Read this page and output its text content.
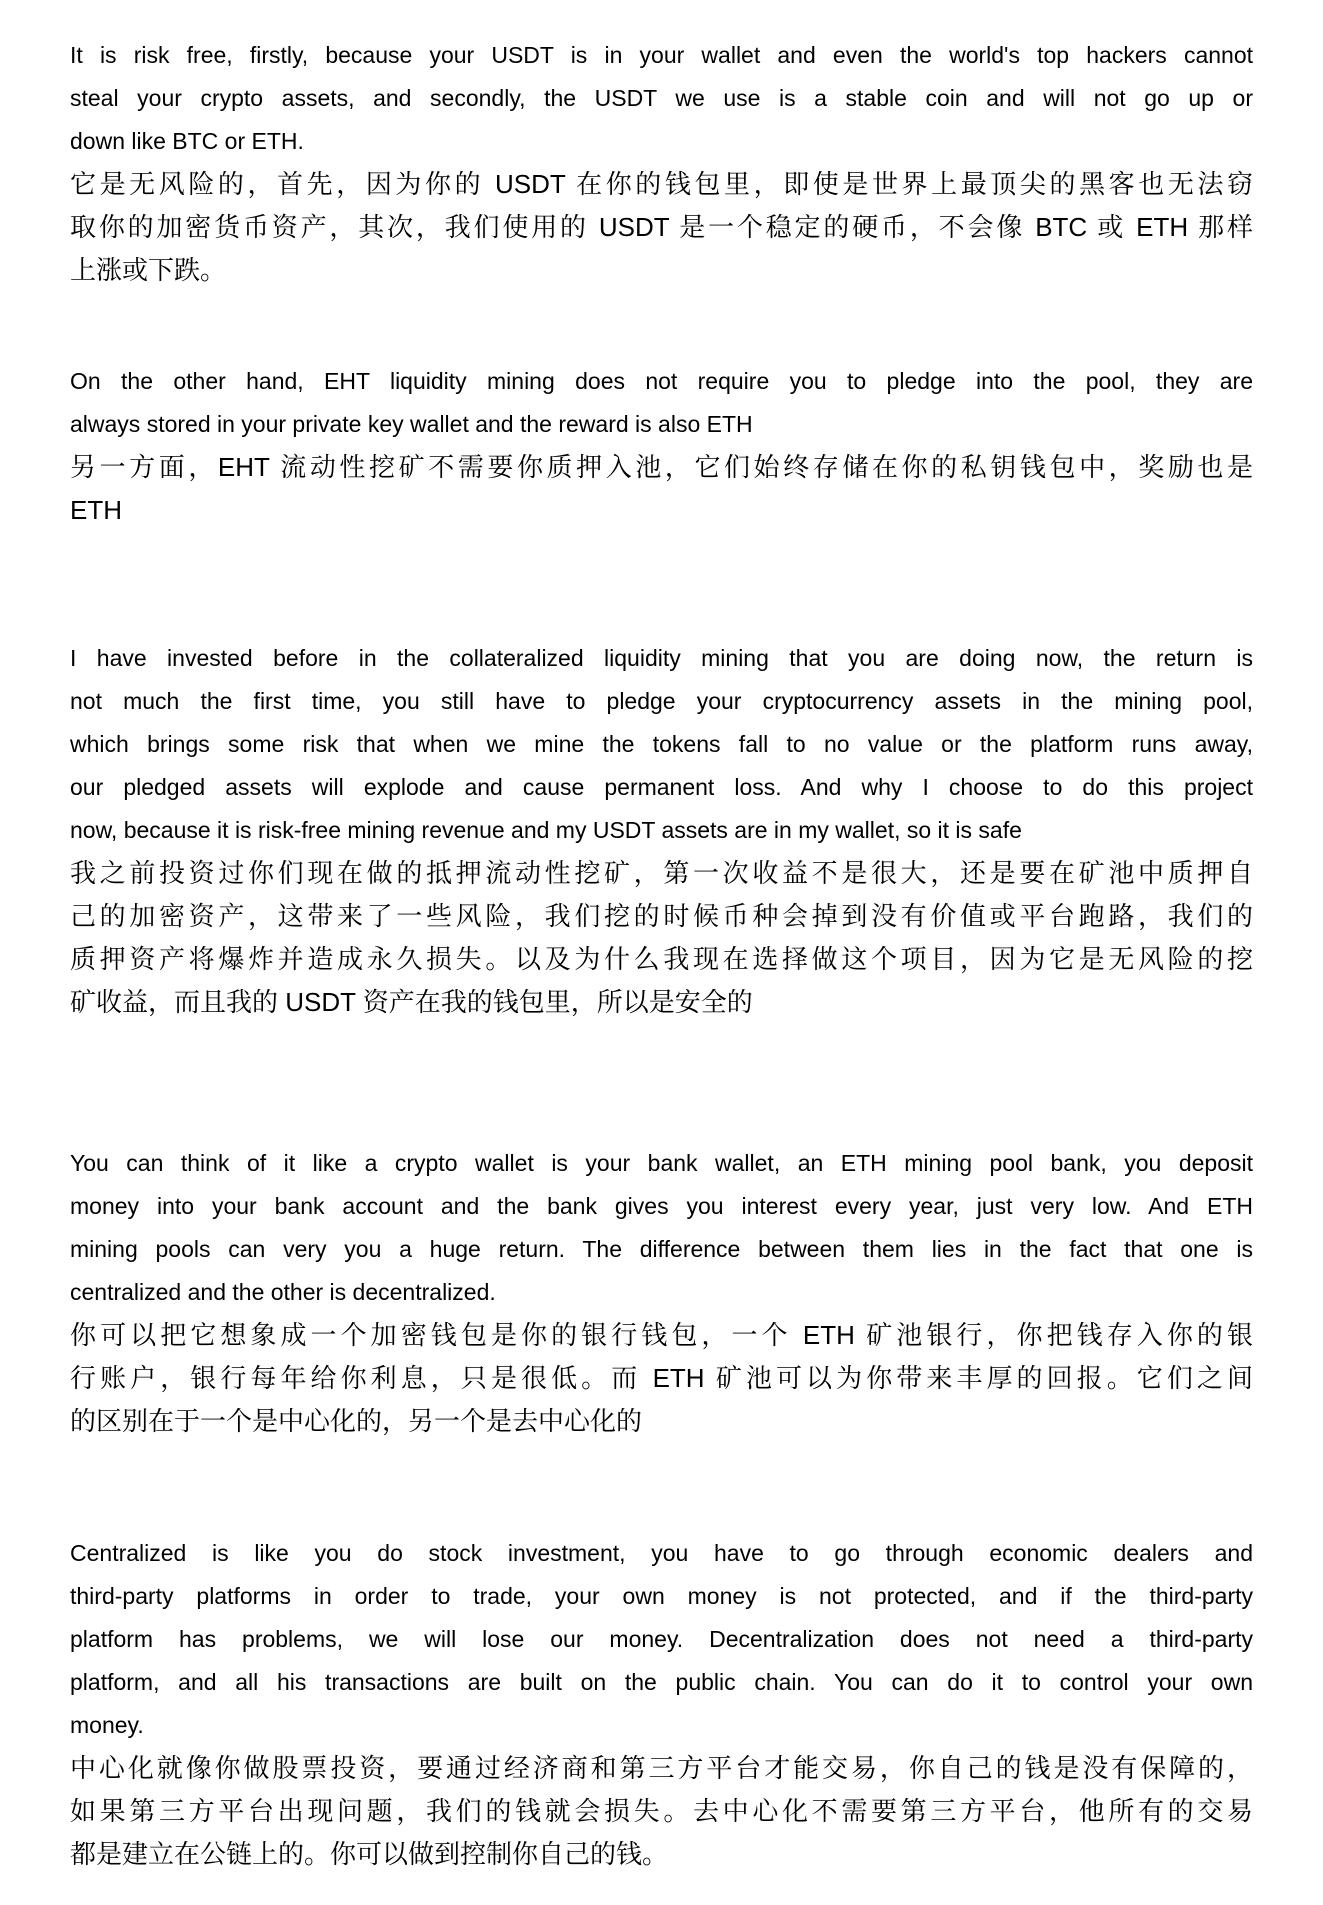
It is risk free, firstly, because your USDT is in your wallet and even the world's top hackers cannot
steal your crypto assets, and secondly, the USDT we use is a stable coin and will not go up or
down like BTC or ETH.
它是无风险的，首先，因为你的 USDT 在你的钱包里，即使是世界上最顶尖的黑客也无法窃
取你的加密货币资产，其次，我们使用的 USDT 是一个稳定的硬币，不会像 BTC 或 ETH 那样
上涨或下跌。
On the other hand, EHT liquidity mining does not require you to pledge into the pool, they are
always stored in your private key wallet and the reward is also ETH
另一方面，EHT 流动性挖矿不需要你质押入池，它们始终存储在你的私钥钱包中，奖励也是
ETH
I have invested before in the collateralized liquidity mining that you are doing now, the return is
not much the first time, you still have to pledge your cryptocurrency assets in the mining pool,
which brings some risk that when we mine the tokens fall to no value or the platform runs away,
our pledged assets will explode and cause permanent loss. And why I choose to do this project
now, because it is risk-free mining revenue and my USDT assets are in my wallet, so it is safe
我之前投资过你们现在做的抵押流动性挖矿，第一次收益不是很大，还是要在矿池中质押自
己的加密资产，这带来了一些风险，我们挖的时候币种会掉到没有价值或平台跑路，我们的
质押资产将爆炸并造成永久损失。以及为什么我现在选择做这个项目，因为它是无风险的挖
矿收益，而且我的 USDT 资产在我的钱包里，所以是安全的
You can think of it like a crypto wallet is your bank wallet, an ETH mining pool bank, you deposit
money into your bank account and the bank gives you interest every year, just very low. And ETH
mining pools can very you a huge return. The difference between them lies in the fact that one is
centralized and the other is decentralized.
你可以把它想象成一个加密钱包是你的银行钱包，一个 ETH 矿池银行，你把钱存入你的银
行账户，银行每年给你利息，只是很低。而 ETH 矿池可以为你带来丰厚的回报。它们之间
的区别在于一个是中心化的，另一个是去中心化的
Centralized is like you do stock investment, you have to go through economic dealers and
third-party platforms in order to trade, your own money is not protected, and if the third-party
platform has problems, we will lose our money. Decentralization does not need a third-party
platform, and all his transactions are built on the public chain. You can do it to control your own
money.
中心化就像你做股票投资，要通过经济商和第三方平台才能交易，你自己的钱是没有保障的，
如果第三方平台出现问题，我们的钱就会损失。去中心化不需要第三方平台，他所有的交易
都是建立在公链上的。你可以做到控制你自己的钱。
